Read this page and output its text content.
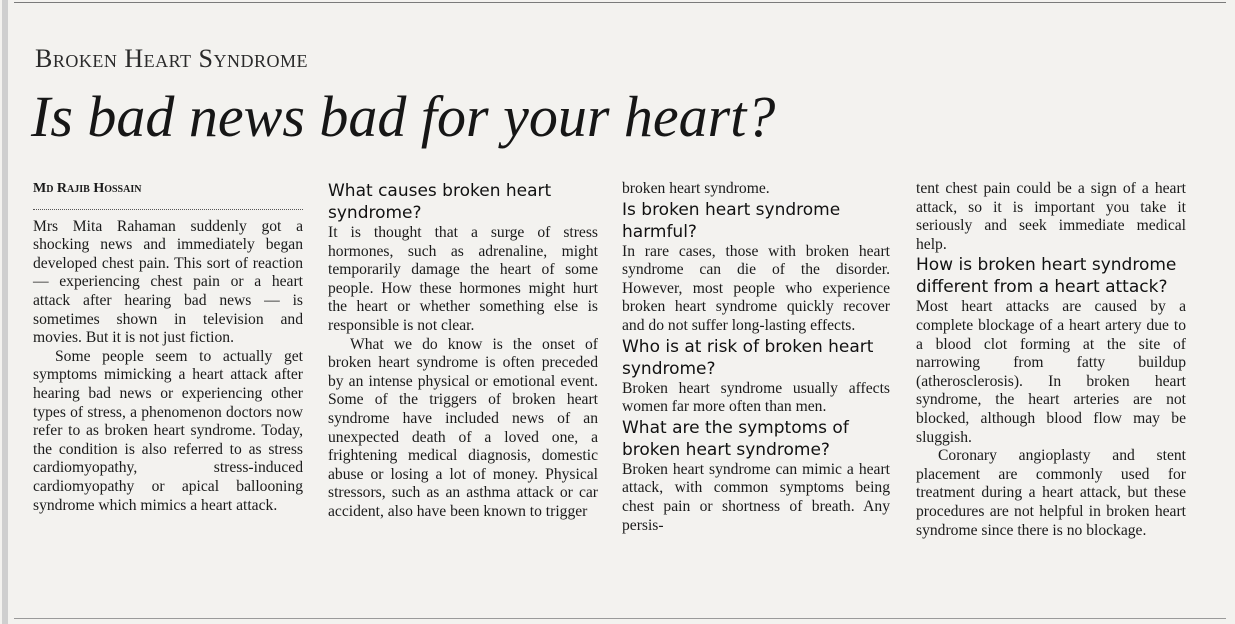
Broken Heart Syndrome
Is bad news bad for your heart?
Md Rajib Hossain

Mrs Mita Rahaman suddenly got a shocking news and immediately began developed chest pain. This sort of reaction — experiencing chest pain or a heart attack after hearing bad news — is sometimes shown in television and movies. But it is not just fiction.

Some people seem to actually get symptoms mimicking a heart attack after hearing bad news or experiencing other types of stress, a phenomenon doctors now refer to as broken heart syndrome. Today, the condition is also referred to as stress cardiomyopathy, stress-induced cardiomyopathy or apical ballooning syndrome which mimics a heart attack.

What causes broken heart syndrome?

It is thought that a surge of stress hormones, such as adrenaline, might temporarily damage the heart of some people. How these hormones might hurt the heart or whether something else is responsible is not clear.

What we do know is the onset of broken heart syndrome is often preceded by an intense physical or emotional event. Some of the triggers of broken heart syndrome have included news of an unexpected death of a loved one, a frightening medical diagnosis, domestic abuse or losing a lot of money. Physical stressors, such as an asthma attack or car accident, also have been known to trigger

broken heart syndrome.

Is broken heart syndrome harmful?

In rare cases, those with broken heart syndrome can die of the disorder. However, most people who experience broken heart syndrome quickly recover and do not suffer long-lasting effects.

Who is at risk of broken heart syndrome?

Broken heart syndrome usually affects women far more often than men.

What are the symptoms of broken heart syndrome?

Broken heart syndrome can mimic a heart attack, with common symptoms being chest pain or shortness of breath. Any persis-

tent chest pain could be a sign of a heart attack, so it is important you take it seriously and seek immediate medical help.

How is broken heart syndrome different from a heart attack?

Most heart attacks are caused by a complete blockage of a heart artery due to a blood clot forming at the site of narrowing from fatty buildup (atherosclerosis). In broken heart syndrome, the heart arteries are not blocked, although blood flow may be sluggish.

Coronary angioplasty and stent placement are commonly used for treatment during a heart attack, but these procedures are not helpful in broken heart syndrome since there is no blockage.
